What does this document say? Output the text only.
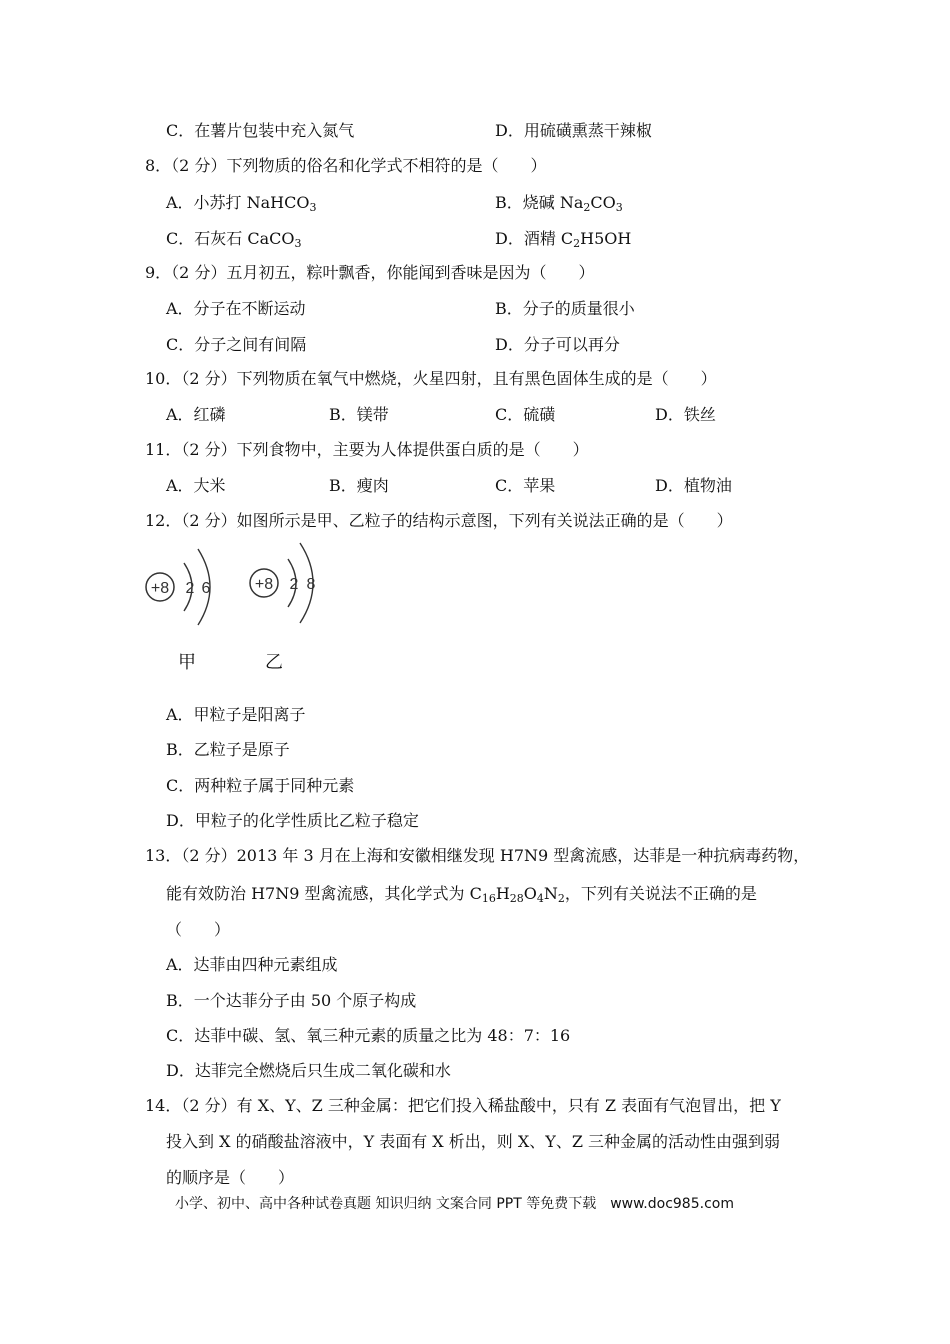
C．在薯片包装中充入氮气	D．用硫磺熏蒸干辣椒
8．（2 分）下列物质的俗名和化学式不相符的是（　　）
A．小苏打 NaHCO$_3$	B．烧碱 $Na_2CO_3$
C．石灰石 CaCO$_3$	D．酒精 $C_2H5OH$
9．（2 分）五月初五，粽叶飘香，你能闻到香味是因为（　　）
A．分子在不断运动	B．分子的质量很小
C．分子之间有间隔	D．分子可以再分
10．（2 分）下列物质在氧气中燃烧，火星四射，且有黑色固体生成的是（　　）
A．红磷	B．镁带	C．硫磺	D．铁丝
11．（2 分）下列食物中，主要为人体提供蛋白质的是（　　）
A．大米	B．瘦肉	C．苹果	D．植物油
12．（2 分）如图所示是甲、乙粒子的结构示意图，下列有关说法正确的是（　　）
+8 2 6	+8 2 8
甲	乙
A．甲粒子是阳离子
B．乙粒子是原子
C．两种粒子属于同种元素
D．甲粒子的化学性质比乙粒子稳定
13．（2 分）2013 年 3 月在上海和安徽相继发现 H7N9 型禽流感，达菲是一种抗病毒药物，
能有效防治 H7N9 型禽流感，其化学式为 $C_{16}H_{28}O_4N_2$，下列有关说法不正确的是
（　　）
A．达菲由四种元素组成
B．一个达菲分子由 50 个原子构成
C．达菲中碳、氢、氧三种元素的质量之比为 48：7：16
D．达菲完全燃烧后只生成二氧化碳和水
14．（2 分）有 X、Y、Z 三种金属：把它们投入稀盐酸中，只有 Z 表面有气泡冒出，把 Y
投入到 X 的硝酸盐溶液中，Y 表面有 X 析出，则 X、Y、Z 三种金属的活动性由强到弱
的顺序是（　　）
小学、初中、高中各种试卷真题 知识归纳 文案合同 PPT 等免费下载　www.doc985.com
